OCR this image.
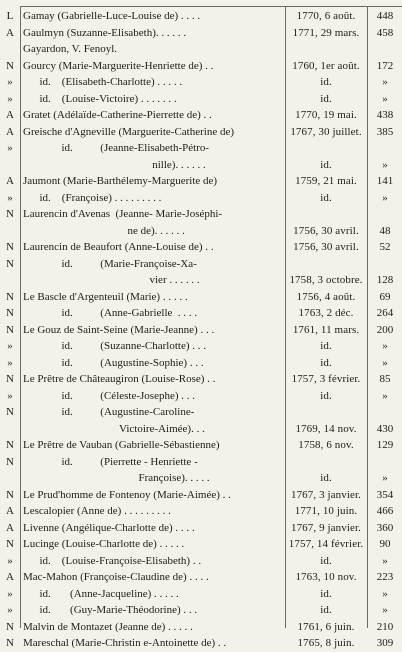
L Gamay (Gabrielle-Luce-Louise de) . . . .	1770, 6 août.	448
A Gaulmyn (Suzanne-Elisabeth). . . . . .	1771, 29 mars.	458
Gayardon, V. Fenoyl.
N Gourcy (Marie-Marguerite-Henriette de) . .	1760, 1er août.	172
» id.    (Elisabeth-Charlotte) . . . . .	id.	»
» id.    (Louise-Victoire) . . . . . . .	id.	»
A Gratet (Adélaïde-Catherine-Pierrette de) . .	1770, 19 mai.	438
A Greische d'Agneville (Marguerite-Catherine de)	1767, 30 juillet.	385
» id.          (Jeanne-Elisabeth-Pétro-
nille). . . . . .	id.	»
A Jaumont (Marie-Barthélemy-Marguerite de)	1759, 21 mai.	141
» id.    (Françoise) . . . . . . . . .	id.	»
N Laurencin d'Avenas  (Jeanne- Marie-Joséphi-
ne de). . . . . .	1756, 30 avril.	48
N Laurencin de Beaufort (Anne-Louise de) . .	1756, 30 avril.	52
N id.          (Marie-Françoise-Xa-
vier . . . . . .	1758, 3 octobre.	128
N Le Bascle d'Argenteuil (Marie) . . . . .	1756, 4 août.	69
N id.          (Anne-Gabrielle  . . . .	1763, 2 déc.	264
N Le Gouz de Saint-Seine (Marie-Jeanne) . . .	1761, 11 mars.	200
» id.          (Suzanne-Charlotte) . . .	id.	»
» id.          (Augustine-Sophie) . . .	id.	»
N Le Prêtre de Châteaugiron (Louise-Rose) . .	1757, 3 février.	85
» id.          (Céleste-Josephe) . . .	id.	»
N id.          (Augustine-Caroline-
Victoire-Aimée). . .	1769, 14 nov.	430
N Le Prêtre de Vauban (Gabrielle-Sébastienne)	1758, 6 nov.	129
N id.          (Pierrette - Henriette -
Françoise). . . . .	id.	»
N Le Prud'homme de Fontenoy (Marie-Aimée) . .	1767, 3 janvier.	354
A Lescalopier (Anne de) . . . . . . . . .	1771, 10 juin.	466
A Livenne (Angélique-Charlotte de) . . . .	1767, 9 janvier.	360
N Lucinge (Louise-Charlotte de) . . . . .	1757, 14 février.	90
» id.    (Louise-Françoise-Elisabeth) . .	id.	»
A Mac-Mahon (Françoise-Claudine de) . . . .	1763, 10 nov.	223
» id.       (Anne-Jacqueline) . . . . .	id.	»
» id.       (Guy-Marie-Théodorine) . . .	id.	»
N Malvin de Montazet (Jeanne de) . . . . .	1761, 6 juin.	210
N Mareschal (Marie-Christin e-Antoinette de) . .	1765, 8 juin.	309
